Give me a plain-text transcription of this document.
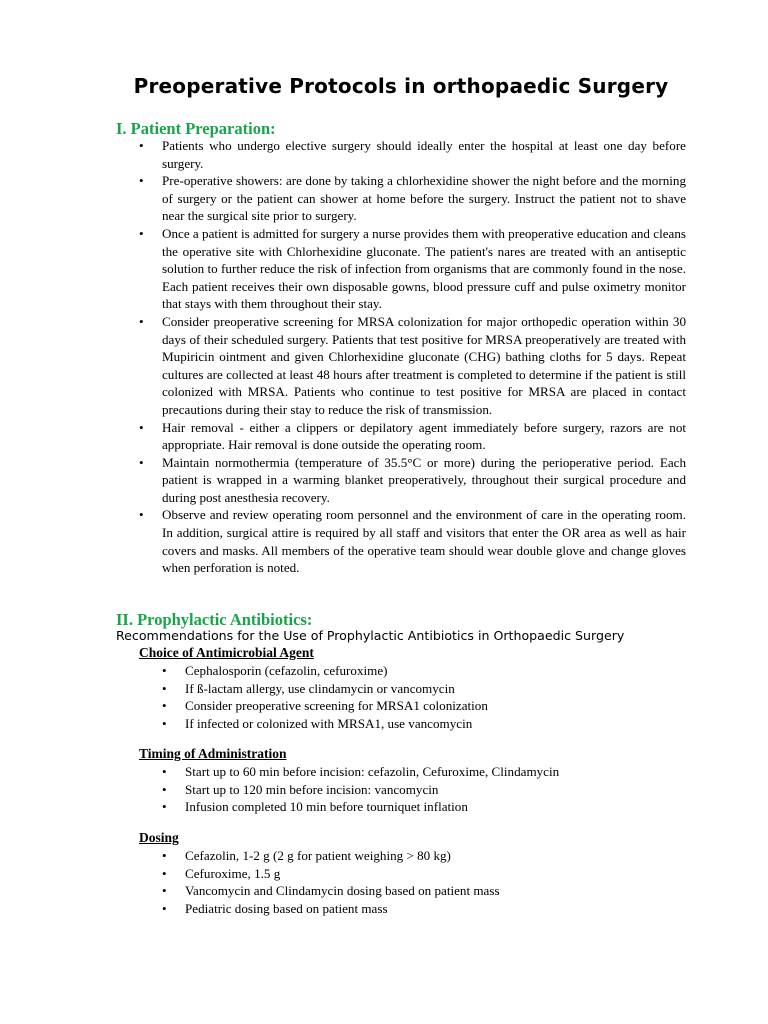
Preoperative Protocols in orthopaedic Surgery
I. Patient Preparation:
• Patients who undergo elective surgery should ideally enter the hospital at least one day before surgery.
• Pre-operative showers: are done by taking a chlorhexidine shower the night before and the morning of surgery or the patient can shower at home before the surgery. Instruct the patient not to shave near the surgical site prior to surgery.
• Once a patient is admitted for surgery a nurse provides them with preoperative education and cleans the operative site with Chlorhexidine gluconate. The patient's nares are treated with an antiseptic solution to further reduce the risk of infection from organisms that are commonly found in the nose. Each patient receives their own disposable gowns, blood pressure cuff and pulse oximetry monitor that stays with them throughout their stay.
• Consider preoperative screening for MRSA colonization for major orthopedic operation within 30 days of their scheduled surgery. Patients that test positive for MRSA preoperatively are treated with Mupiricin ointment and given Chlorhexidine gluconate (CHG) bathing cloths for 5 days. Repeat cultures are collected at least 48 hours after treatment is completed to determine if the patient is still colonized with MRSA. Patients who continue to test positive for MRSA are placed in contact precautions during their stay to reduce the risk of transmission.
• Hair removal - either a clippers or depilatory agent immediately before surgery, razors are not appropriate. Hair removal is done outside the operating room.
• Maintain normothermia (temperature of 35.5°C or more) during the perioperative period. Each patient is wrapped in a warming blanket preoperatively, throughout their surgical procedure and during post anesthesia recovery.
• Observe and review operating room personnel and the environment of care in the operating room. In addition, surgical attire is required by all staff and visitors that enter the OR area as well as hair covers and masks. All members of the operative team should wear double glove and change gloves when perforation is noted.
II. Prophylactic Antibiotics:

Recommendations for the Use of Prophylactic Antibiotics in Orthopaedic Surgery

Choice of Antimicrobial Agent
• Cephalosporin (cefazolin, cefuroxime)
• If ß-lactam allergy, use clindamycin or vancomycin
• Consider preoperative screening for MRSA1 colonization
• If infected or colonized with MRSA1, use vancomycin
Timing of Administration
• Start up to 60 min before incision: cefazolin, Cefuroxime, Clindamycin
• Start up to 120 min before incision: vancomycin
• Infusion completed 10 min before tourniquet inflation
Dosing
• Cefazolin, 1-2 g (2 g for patient weighing > 80 kg)
• Cefuroxime, 1.5 g
• Vancomycin and Clindamycin dosing based on patient mass
• Pediatric dosing based on patient mass
